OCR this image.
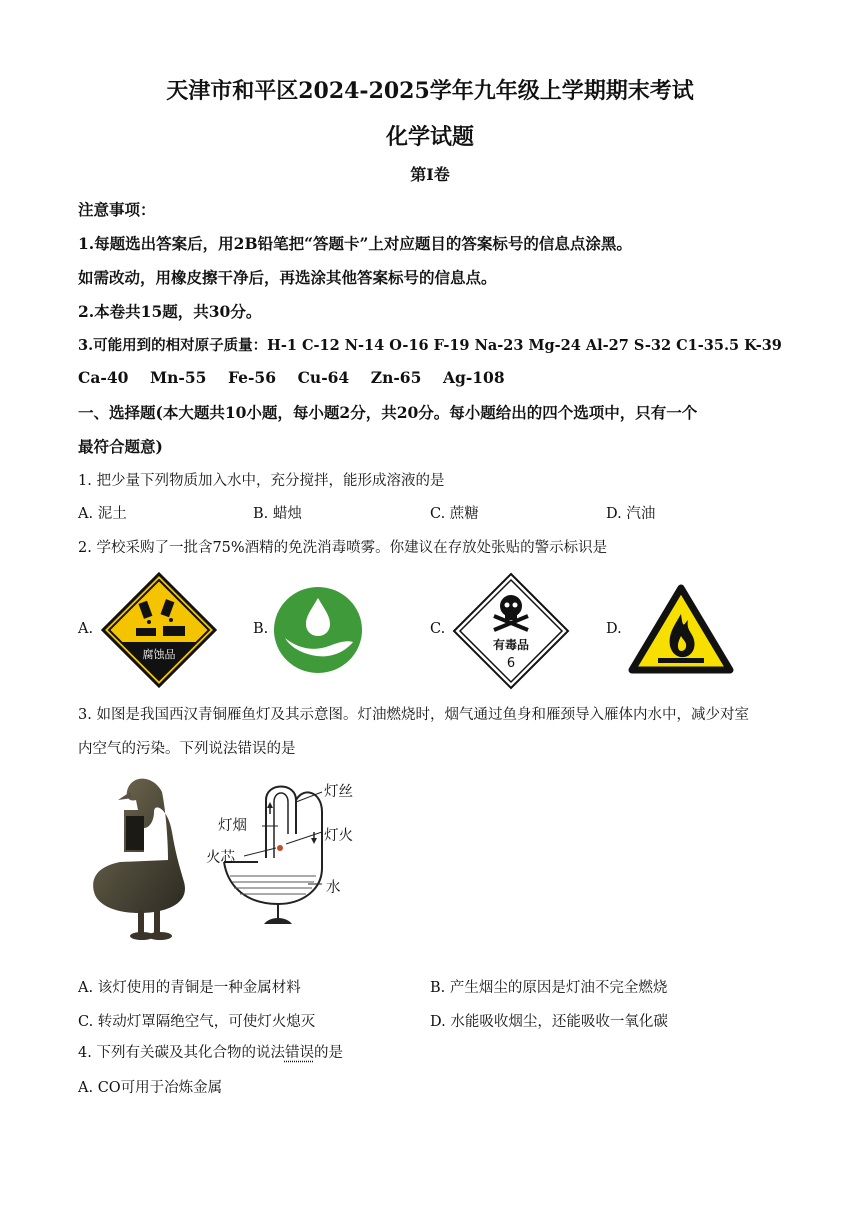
天津市和平区2024-2025学年九年级上学期期末考试
化学试题
第Ⅰ卷
注意事项：
1.每题选出答案后，用2B铅笔把“答题卡”上对应题目的答案标号的信息点涂黑。
如需改动，用橡皮擦干净后，再选涂其他答案标号的信息点。
2.本卷共15题，共30分。
3.可能用到的相对原子质量：H-1 C-12 N-14 O-16 F-19 Na-23 Mg-24 Al-27 S-32 C1-35.5 K-39
Ca-40    Mn-55    Fe-56    Cu-64    Zn-65    Ag-108
一、选择题(本大题共10小题，每小题2分，共20分。每小题给出的四个选项中，只有一个
最符合题意)
1. 把少量下列物质加入水中，充分搅拌，能形成溶液的是
A. 泥土	B. 蜡烛	C. 蔗糖	D. 汽油
2. 学校采购了一批含75%酒精的免洗消毒喷雾。你建议在存放处张贴的警示标识是
A.
腐蚀品
B.	C.
有毒品
6
D.
3. 如图是我国西汉青铜雁鱼灯及其示意图。灯油燃烧时，烟气通过鱼身和雁颈导入雁体内水中，减少对室
内空气的污染。下列说法错误的是
灯丝
灯烟
灯火
火芯
水
A. 该灯使用的青铜是一种金属材料	B. 产生烟尘的原因是灯油不完全燃烧
C. 转动灯罩隔绝空气，可使灯火熄灭	D. 水能吸收烟尘，还能吸收一氧化碳
4. 下列有关碳及其化合物的说法错误的是
A. CO可用于冶炼金属
